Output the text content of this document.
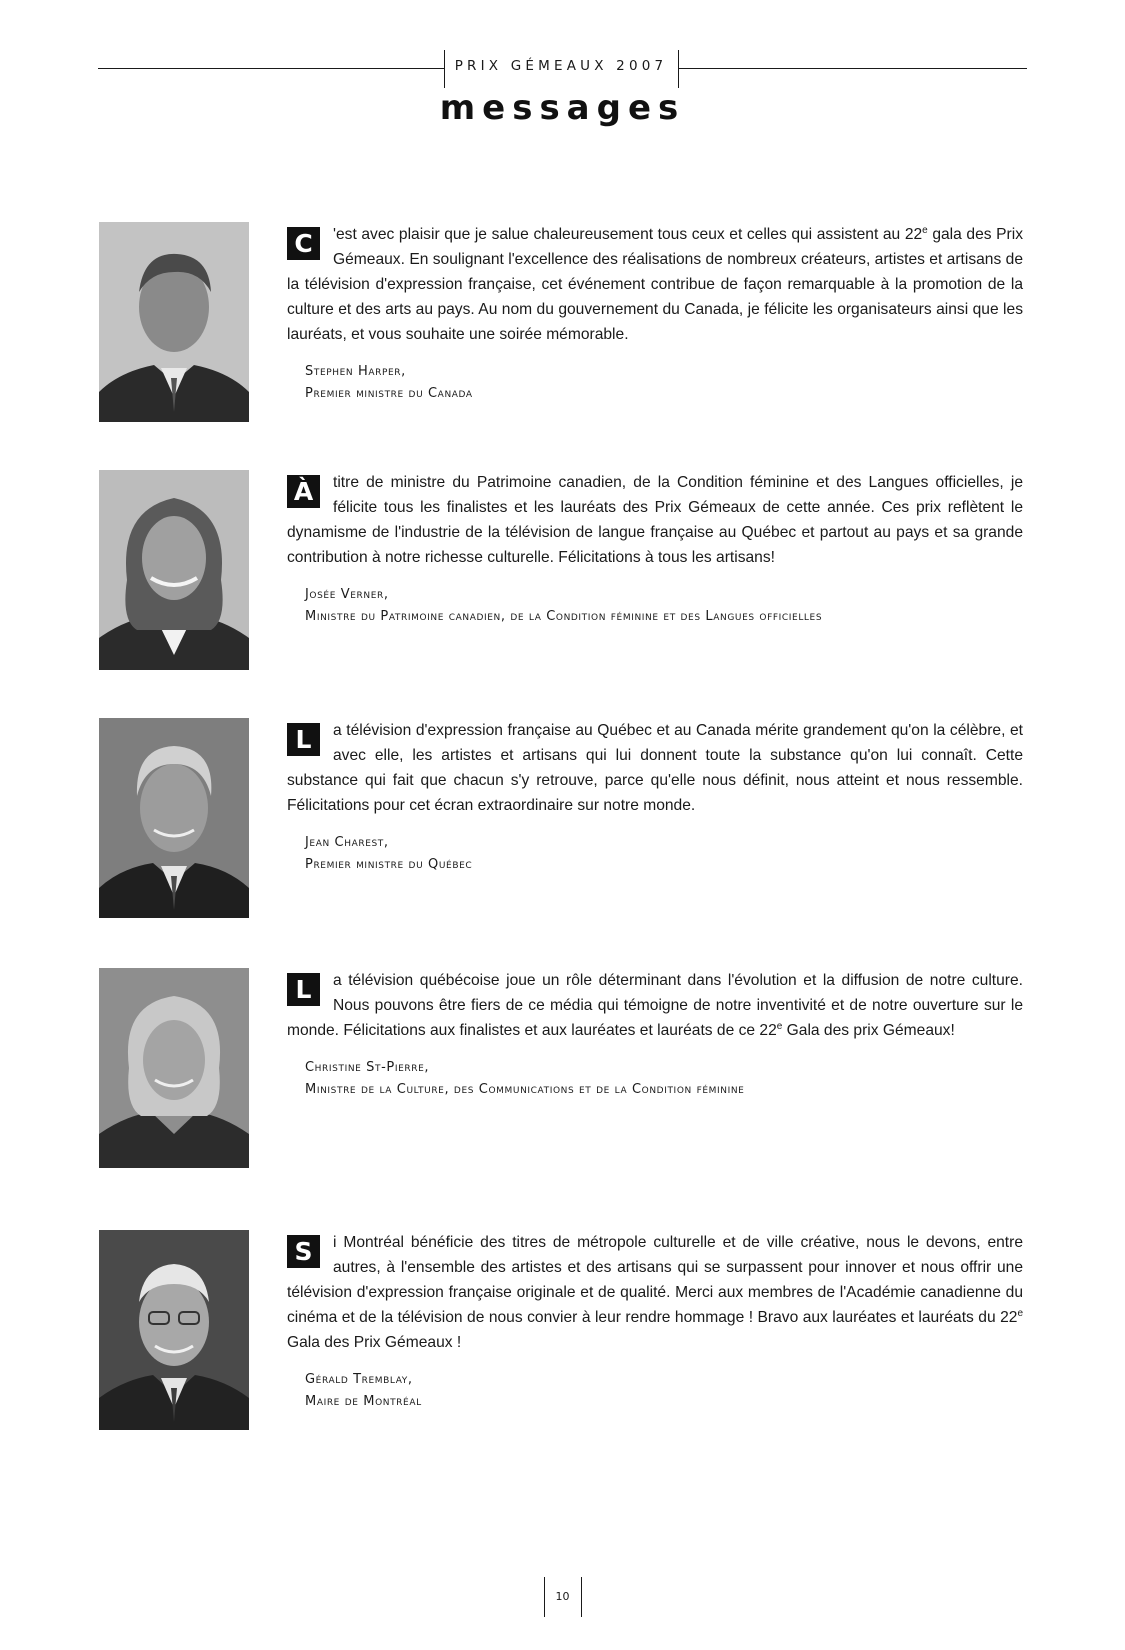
PRIX GÉMEAUX 2007
messages
C	'est avec plaisir que je salue chaleureusement tous ceux et celles qui assistent au 22e gala des Prix Gémeaux. En soulignant l'excellence des réalisations de nombreux créateurs, artistes et artisans de la télévision d'expression française, cet événement contribue de façon remarquable à la promotion de la culture et des arts au pays. Au nom du gouvernement du Canada, je félicite les organisateurs ainsi que les lauréats, et vous souhaite une soirée mémorable.

Stephen Harper,
Premier ministre du Canada
À	titre de ministre du Patrimoine canadien, de la Condition féminine et des Langues officielles, je félicite tous les finalistes et les lauréats des Prix Gémeaux de cette année. Ces prix reflètent le dynamisme de l'industrie de la télévision de langue française au Québec et partout au pays et sa grande contribution à notre richesse culturelle. Félicitations à tous les artisans!

Josée Verner,
Ministre du Patrimoine canadien, de la Condition féminine et des Langues officielles
L	a télévision d'expression française au Québec et au Canada mérite grandement qu'on la célèbre, et avec elle, les artistes et artisans qui lui donnent toute la substance qu'on lui connaît. Cette substance qui fait que chacun s'y retrouve, parce qu'elle nous définit, nous atteint et nous ressemble. Félicitations pour cet écran extraordinaire sur notre monde.

Jean Charest,
Premier ministre du Québec
L	a télévision québécoise joue un rôle déterminant dans l'évolution et la diffusion de notre culture. Nous pouvons être fiers de ce média qui témoigne de notre inventivité et de notre ouverture sur le monde. Félicitations aux finalistes et aux lauréates et lauréats de ce 22e Gala des prix Gémeaux!

Christine St-Pierre,
Ministre de la Culture, des Communications et de la Condition féminine
S	i Montréal bénéficie des titres de métropole culturelle et de ville créative, nous le devons, entre autres, à l'ensemble des artistes et des artisans qui se surpassent pour innover et nous offrir une télévision d'expression française originale et de qualité. Merci aux membres de l'Académie canadienne du cinéma et de la télévision de nous convier à leur rendre hommage ! Bravo aux lauréates et lauréats du 22e Gala des Prix Gémeaux !

Gérald Tremblay,
Maire de Montréal
10
